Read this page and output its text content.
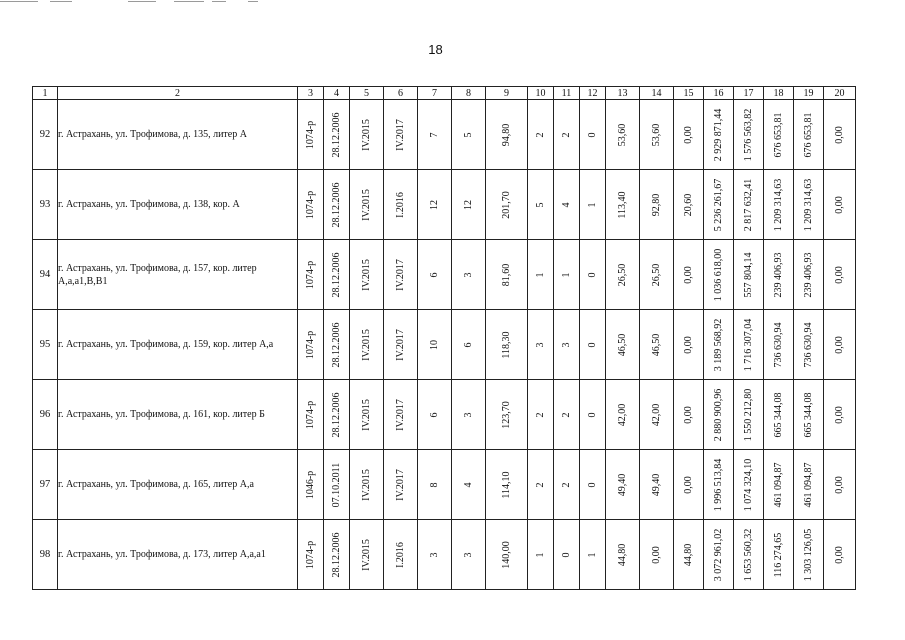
18
1	2	3	4	5	6	7	8	9	10	11	12	13	14	15	16	17	18	19	20
92	г. Астрахань, ул. Трофимова, д. 135, литер А	1074-р	28.12.2006	IV.2015	IV.2017	7	5	94,80	2	2	0	53,60	53,60	0,00	2 929 871,44	1 576 563,82	676 653,81	676 653,81	0,00

93	г. Астрахань, ул. Трофимова, д. 138, кор. А	1074-р	28.12.2006	IV.2015	I.2016	12	12	201,70	5	4	1	113,40	92,80	20,60	5 236 261,67	2 817 632,41	1 209 314,63	1 209 314,63	0,00

94	г. Астрахань, ул. Трофимова, д. 157, кор. литер А,а,а1,В,В1	1074-р	28.12.2006	IV.2015	IV.2017	6	3	81,60	1	1	0	26,50	26,50	0,00	1 036 618,00	557 804,14	239 406,93	239 406,93	0,00

95	г. Астрахань, ул. Трофимова, д. 159, кор. литер А,а	1074-р	28.12.2006	IV.2015	IV.2017	10	6	118,30	3	3	0	46,50	46,50	0,00	3 189 568,92	1 716 307,04	736 630,94	736 630,94	0,00

96	г. Астрахань, ул. Трофимова, д. 161, кор. литер Б	1074-р	28.12.2006	IV.2015	IV.2017	6	3	123,70	2	2	0	42,00	42,00	0,00	2 880 900,96	1 550 212,80	665 344,08	665 344,08	0,00

97	г. Астрахань, ул. Трофимова, д. 165, литер А,а	1046-р	07.10.2011	IV.2015	IV.2017	8	4	114,10	2	2	0	49,40	49,40	0,00	1 996 513,84	1 074 324,10	461 094,87	461 094,87	0,00

98	г. Астрахань, ул. Трофимова, д. 173, литер А,а,а1	1074-р	28.12.2006	IV.2015	I.2016	3	3	140,00	1	0	1	44,80	0,00	44,80	3 072 961,02	1 653 560,32	116 274,65	1 303 126,05	0,00
